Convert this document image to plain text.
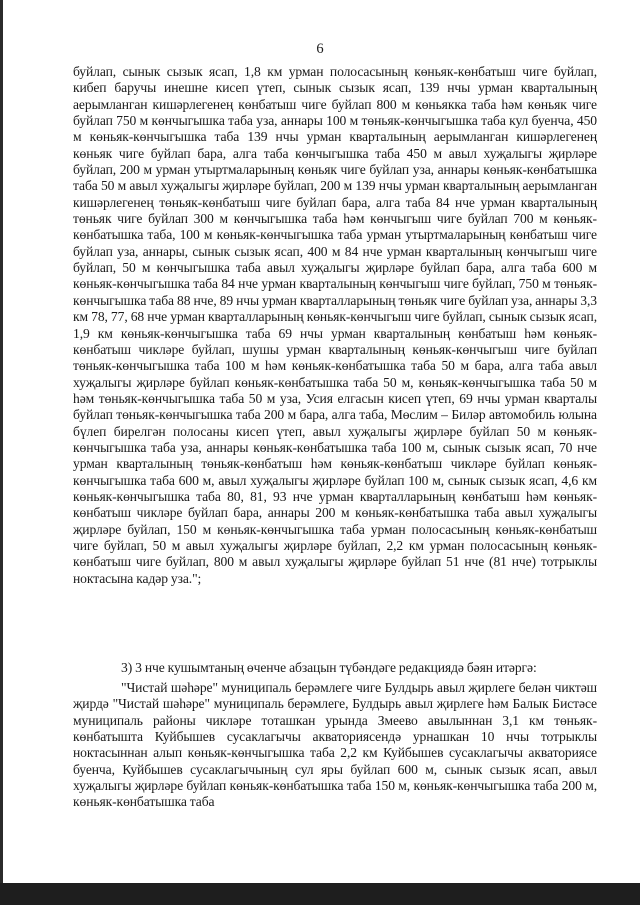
6

буйлап, сынык сызык ясап, 1,8 км урман полосасының көньяк-көнбатыш чиге буйлап, кибеп баручы инешне кисеп үтеп, сынык сызык ясап, 139 нчы урман кварталының аерымланган кишәрлегенең көнбатыш чиге буйлап 800 м көньякка таба һәм көньяк чиге буйлап 750 м көнчыгышка таба уза, аннары 100 м төньяк-көнчыгышка таба кул буенча, 450 м көньяк-көнчыгышка таба 139 нчы урман кварталының аерымланган кишәрлегенең көньяк чиге буйлап бара, алга таба көнчыгышка таба 450 м авыл хуҗалыгы җирләре буйлап, 200 м урман утыртмаларының көньяк чиге буйлап уза, аннары көньяк-көнбатышка таба 50 м авыл хуҗалыгы җирләре буйлап, 200 м 139 нчы урман кварталының аерымланган кишәрлегенең төньяк-көнбатыш чиге буйлап бара, алга таба 84 нче урман кварталының төньяк чиге буйлап 300 м көнчыгышка таба һәм көнчыгыш чиге буйлап 700 м көньяк-көнбатышка таба, 100 м көньяк-көнчыгышка таба урман утыртмаларының көнбатыш чиге буйлап уза, аннары, сынык сызык ясап, 400 м 84 нче урман кварталының көнчыгыш чиге буйлап, 50 м көнчыгышка таба авыл хуҗалыгы җирләре буйлап бара, алга таба 600 м көньяк-көнчыгышка таба 84 нче урман кварталының көнчыгыш чиге буйлап, 750 м төньяк-көнчыгышка таба 88 нче, 89 нчы урман кварталларының төньяк чиге буйлап уза, аннары 3,3 км 78, 77, 68 нче урман кварталларының көньяк-көнчыгыш чиге буйлап, сынык сызык ясап, 1,9 км көньяк-көнчыгышка таба 69 нчы урман кварталының көнбатыш һәм көньяк-көнбатыш чикләре буйлап, шушы урман кварталының көньяк-көнчыгыш чиге буйлап төньяк-көнчыгышка таба 100 м һәм көньяк-көнбатышка таба 50 м бара, алга таба авыл хуҗалыгы җирләре буйлап көньяк-көнбатышка таба 50 м, көньяк-көнчыгышка таба 50 м һәм төньяк-көнчыгышка таба 50 м уза, Усия елгасын кисеп үтеп, 69 нчы урман кварталы буйлап төньяк-көнчыгышка таба 200 м бара, алга таба, Мөслим – Биләр автомобиль юлына бүлеп бирелгән полосаны кисеп үтеп, авыл хуҗалыгы җирләре буйлап 50 м көньяк-көнчыгышка таба уза, аннары көньяк-көнбатышка таба 100 м, сынык сызык ясап, 70 нче урман кварталының төньяк-көнбатыш һәм көньяк-көнбатыш чикләре буйлап көньяк-көнчыгышка таба 600 м, авыл хуҗалыгы җирләре буйлап 100 м, сынык сызык ясап, 4,6 км көньяк-көнчыгышка таба 80, 81, 93 нче урман кварталларының көнбатыш һәм көньяк-көнбатыш чикләре буйлап бара, аннары 200 м көньяк-көнбатышка таба авыл хуҗалыгы җирләре буйлап, 150 м көньяк-көнчыгышка таба урман полосасының көньяк-көнбатыш чиге буйлап, 50 м авыл хуҗалыгы җирләре буйлап, 2,2 км урман полосасының көньяк-көнбатыш чиге буйлап, 800 м авыл хуҗалыгы җирләре буйлап 51 нче (81 нче) тотрыклы ноктасына кадәр уза.";

3) 3 нче кушымтаның өченче абзацын түбәндәге редакциядә бәян итәргә:

"Чистай шәһәре" муниципаль берәмлеге чиге Булдырь авыл җирлеге белән чиктәш җирдә "Чистай шәһәре" муниципаль берәмлеге, Булдырь авыл җирлеге һәм Балык Бистәсе муниципаль районы чикләре тоташкан урында Змеево авылыннан 3,1 км төньяк-көнбатышта Куйбышев сусаклагычы акваториясендә урнашкан 10 нчы тотрыклы ноктасыннан алып көньяк-көнчыгышка таба 2,2 км Куйбышев сусаклагычы акваториясе буенча, Куйбышев сусаклагычының сул яры буйлап 600 м, сынык сызык ясап, авыл хуҗалыгы җирләре буйлап көньяк-көнбатышка таба 150 м, көньяк-көнчыгышка таба 200 м, көньяк-көнбатышка таба
